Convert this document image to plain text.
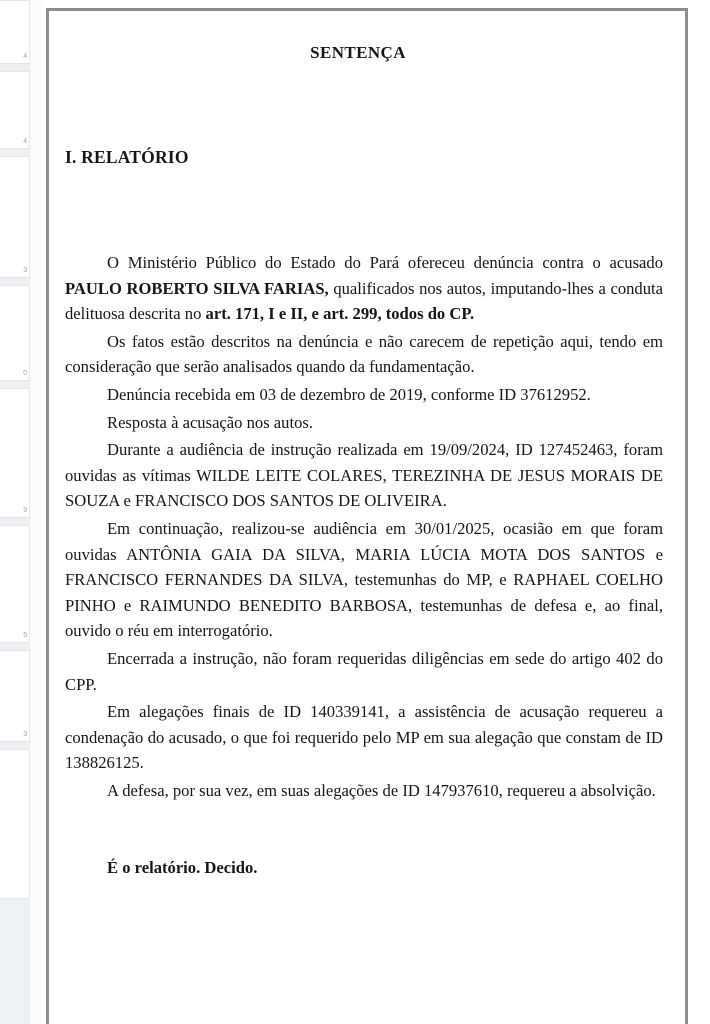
4
4
3
0
9
5
3
SENTENÇA
I. RELATÓRIO

O Ministério Público do Estado do Pará ofereceu denúncia contra o acusado PAULO ROBERTO SILVA FARIAS, qualificados nos autos, imputando-lhes a conduta delituosa descrita no art. 171, I e II, e art. 299, todos do CP.

Os fatos estão descritos na denúncia e não carecem de repetição aqui, tendo em consideração que serão analisados quando da fundamentação.

Denúncia recebida em 03 de dezembro de 2019, conforme ID 37612952.

Resposta à acusação nos autos.

Durante a audiência de instrução realizada em 19/09/2024, ID 127452463, foram ouvidas as vítimas WILDE LEITE COLARES, TEREZINHA DE JESUS MORAIS DE SOUZA e FRANCISCO DOS SANTOS DE OLIVEIRA.

Em continuação, realizou-se audiência em 30/01/2025, ocasião em que foram ouvidas ANTÔNIA GAIA DA SILVA, MARIA LÚCIA MOTA DOS SANTOS e FRANCISCO FERNANDES DA SILVA, testemunhas do MP, e RAPHAEL COELHO PINHO e RAIMUNDO BENEDITO BARBOSA, testemunhas de defesa e, ao final, ouvido o réu em interrogatório.

Encerrada a instrução, não foram requeridas diligências em sede do artigo 402 do CPP.

Em alegações finais de ID 140339141, a assistência de acusação requereu a condenação do acusado, o que foi requerido pelo MP em sua alegação que constam de ID 138826125.

A defesa, por sua vez, em suas alegações de ID 147937610, requereu a absolvição.

É o relatório. Decido.
